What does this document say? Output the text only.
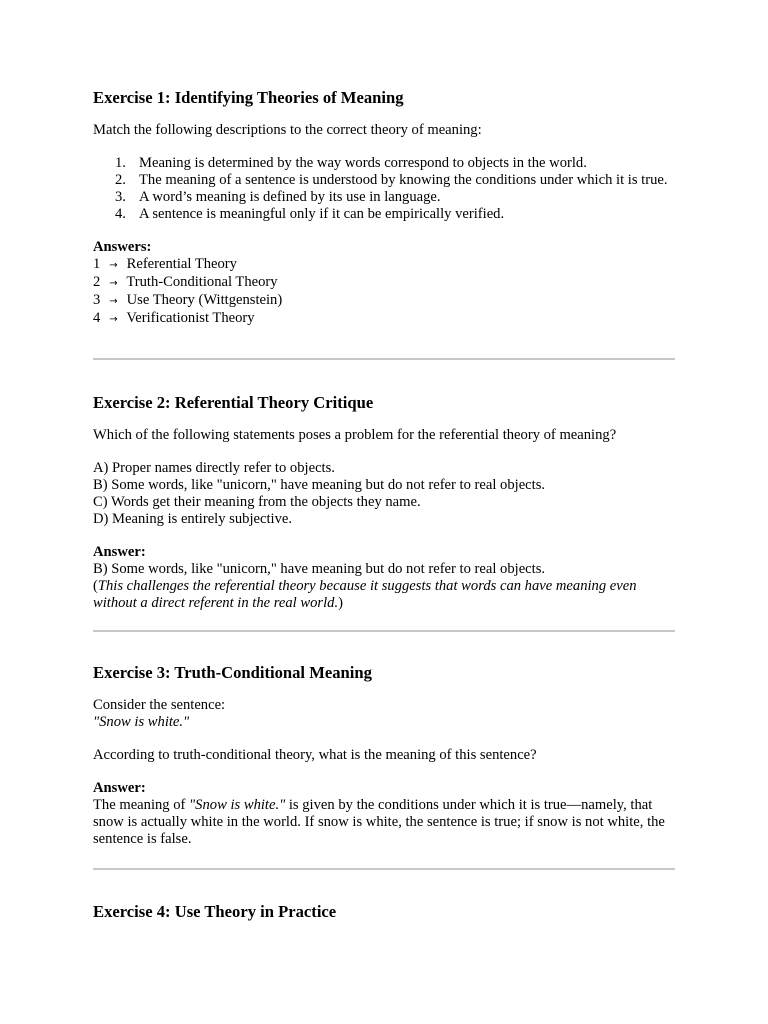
Exercise 1: Identifying Theories of Meaning

Match the following descriptions to the correct theory of meaning:

1. Meaning is determined by the way words correspond to objects in the world.
2. The meaning of a sentence is understood by knowing the conditions under which it is true.
3. A word’s meaning is defined by its use in language.
4. A sentence is meaningful only if it can be empirically verified.
Answers:
1 → Referential Theory
2 → Truth-Conditional Theory
3 → Use Theory (Wittgenstein)
4 → Verificationist Theory
Exercise 2: Referential Theory Critique

Which of the following statements poses a problem for the referential theory of meaning?

A) Proper names directly refer to objects.
B) Some words, like "unicorn," have meaning but do not refer to real objects.
C) Words get their meaning from the objects they name.
D) Meaning is entirely subjective.
Answer:
B) Some words, like "unicorn," have meaning but do not refer to real objects.
(This challenges the referential theory because it suggests that words can have meaning even without a direct referent in the real world.)
Exercise 3: Truth-Conditional Meaning
Consider the sentence:
"Snow is white."

According to truth-conditional theory, what is the meaning of this sentence?

Answer:
The meaning of "Snow is white." is given by the conditions under which it is true—namely, that snow is actually white in the world. If snow is white, the sentence is true; if snow is not white, the sentence is false.
Exercise 4: Use Theory in Practice
